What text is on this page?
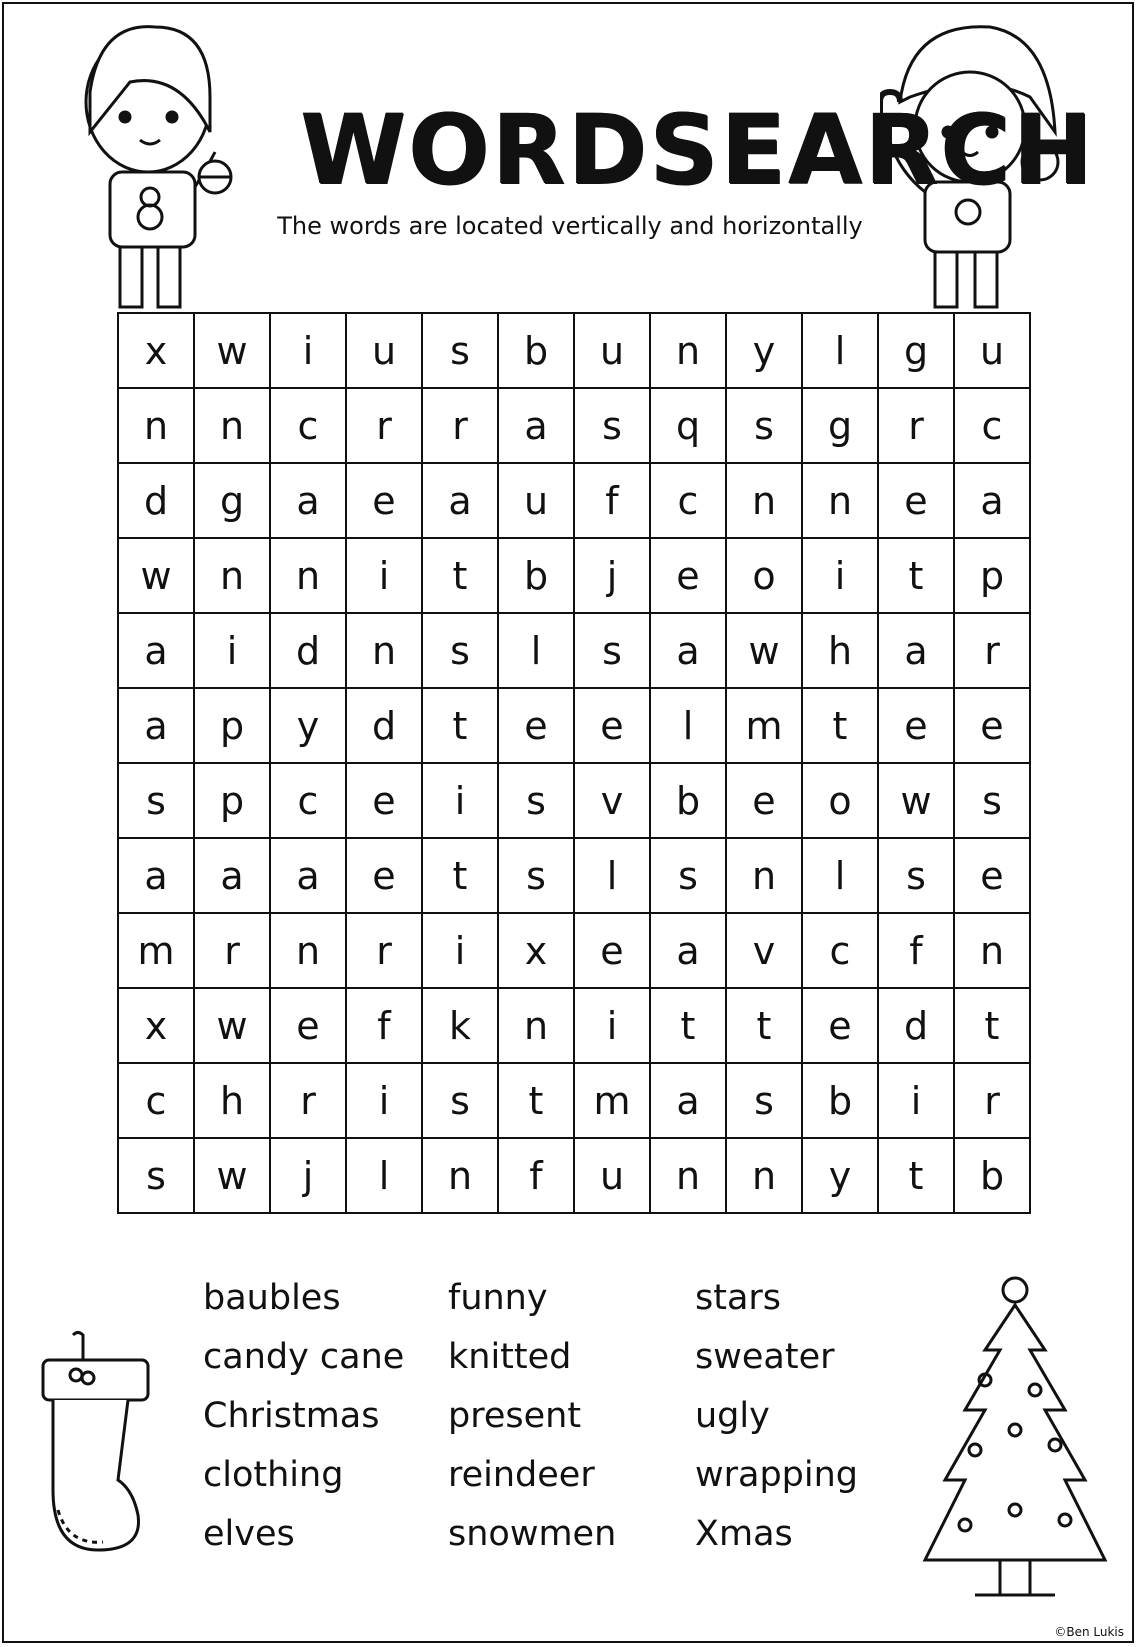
WORDSEARCH
The words are located vertically and horizontally
x	w	i	u	s	b	u	n	y	l	g	u
n	n	c	r	r	a	s	q	s	g	r	c
d	g	a	e	a	u	f	c	n	n	e	a
w	n	n	i	t	b	j	e	o	i	t	p
a	i	d	n	s	l	s	a	w	h	a	r
a	p	y	d	t	e	e	l	m	t	e	e
s	p	c	e	i	s	v	b	e	o	w	s
a	a	a	e	t	s	l	s	n	l	s	e
m	r	n	r	i	x	e	a	v	c	f	n
x	w	e	f	k	n	i	t	t	e	d	t
c	h	r	i	s	t	m	a	s	b	i	r
s	w	j	l	n	f	u	n	n	y	t	b
baubles
candy cane
Christmas
clothing
elves
funny
knitted
present
reindeer
snowmen
stars
sweater
ugly
wrapping
Xmas
©Ben Lukis
